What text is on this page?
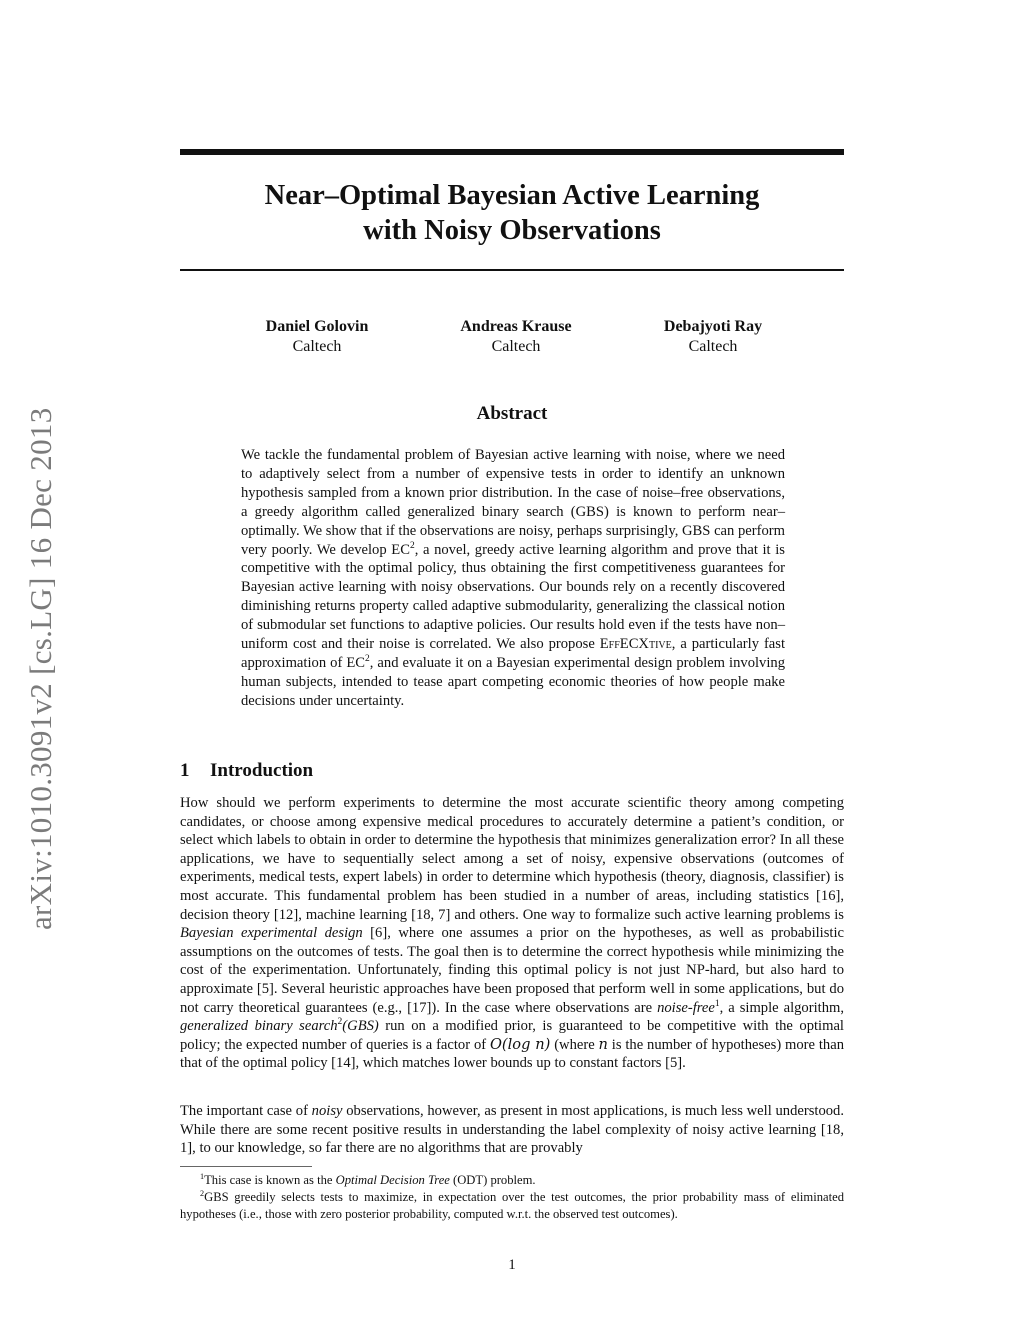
arXiv:1010.3091v2 [cs.LG] 16 Dec 2013
Near–Optimal Bayesian Active Learning
with Noisy Observations
Daniel Golovin
Caltech
Andreas Krause
Caltech
Debajyoti Ray
Caltech
Abstract

We tackle the fundamental problem of Bayesian active learning with noise, where we need to adaptively select from a number of expensive tests in order to identify an unknown hypothesis sampled from a known prior distribution. In the case of noise–free observations, a greedy algorithm called generalized binary search (GBS) is known to perform near–optimally. We show that if the observations are noisy, perhaps surprisingly, GBS can perform very poorly. We develop $EC^2$, a novel, greedy active learning algorithm and prove that it is competitive with the optimal policy, thus obtaining the first competitiveness guarantees for Bayesian active learning with noisy observations. Our bounds rely on a recently discovered diminishing returns property called adaptive submodularity, generalizing the classical notion of submodular set functions to adaptive policies. Our results hold even if the tests have non–uniform cost and their noise is correlated. We also propose EffECXtive, a particularly fast approximation of $EC^2$, and evaluate it on a Bayesian experimental design problem involving human subjects, intended to tease apart competing economic theories of how people make decisions under uncertainty.

1 Introduction

How should we perform experiments to determine the most accurate scientific theory among competing candidates, or choose among expensive medical procedures to accurately determine a patient’s condition, or select which labels to obtain in order to determine the hypothesis that minimizes generalization error? In all these applications, we have to sequentially select among a set of noisy, expensive observations (outcomes of experiments, medical tests, expert labels) in order to determine which hypothesis (theory, diagnosis, classifier) is most accurate. This fundamental problem has been studied in a number of areas, including statistics [16], decision theory [12], machine learning [18, 7] and others. One way to formalize such active learning problems is Bayesian experimental design [6], where one assumes a prior on the hypotheses, as well as probabilistic assumptions on the outcomes of tests. The goal then is to determine the correct hypothesis while minimizing the cost of the experimentation. Unfortunately, finding this optimal policy is not just NP-hard, but also hard to approximate [5]. Several heuristic approaches have been proposed that perform well in some applications, but do not carry theoretical guarantees (e.g., [17]). In the case where observations are noise-free$^1$, a simple algorithm, generalized binary search$^2$(GBS) run on a modified prior, is guaranteed to be competitive with the optimal policy; the expected number of queries is a factor of O(log n) (where n is the number of hypotheses) more than that of the optimal policy [14], which matches lower bounds up to constant factors [5].

The important case of noisy observations, however, as present in most applications, is much less well understood. While there are some recent positive results in understanding the label complexity of noisy active learning [18, 1], to our knowledge, so far there are no algorithms that are provably

$^1$This case is known as the Optimal Decision Tree (ODT) problem.

$^2$GBS greedily selects tests to maximize, in expectation over the test outcomes, the prior probability mass of eliminated hypotheses (i.e., those with zero posterior probability, computed w.r.t. the observed test outcomes).

1
